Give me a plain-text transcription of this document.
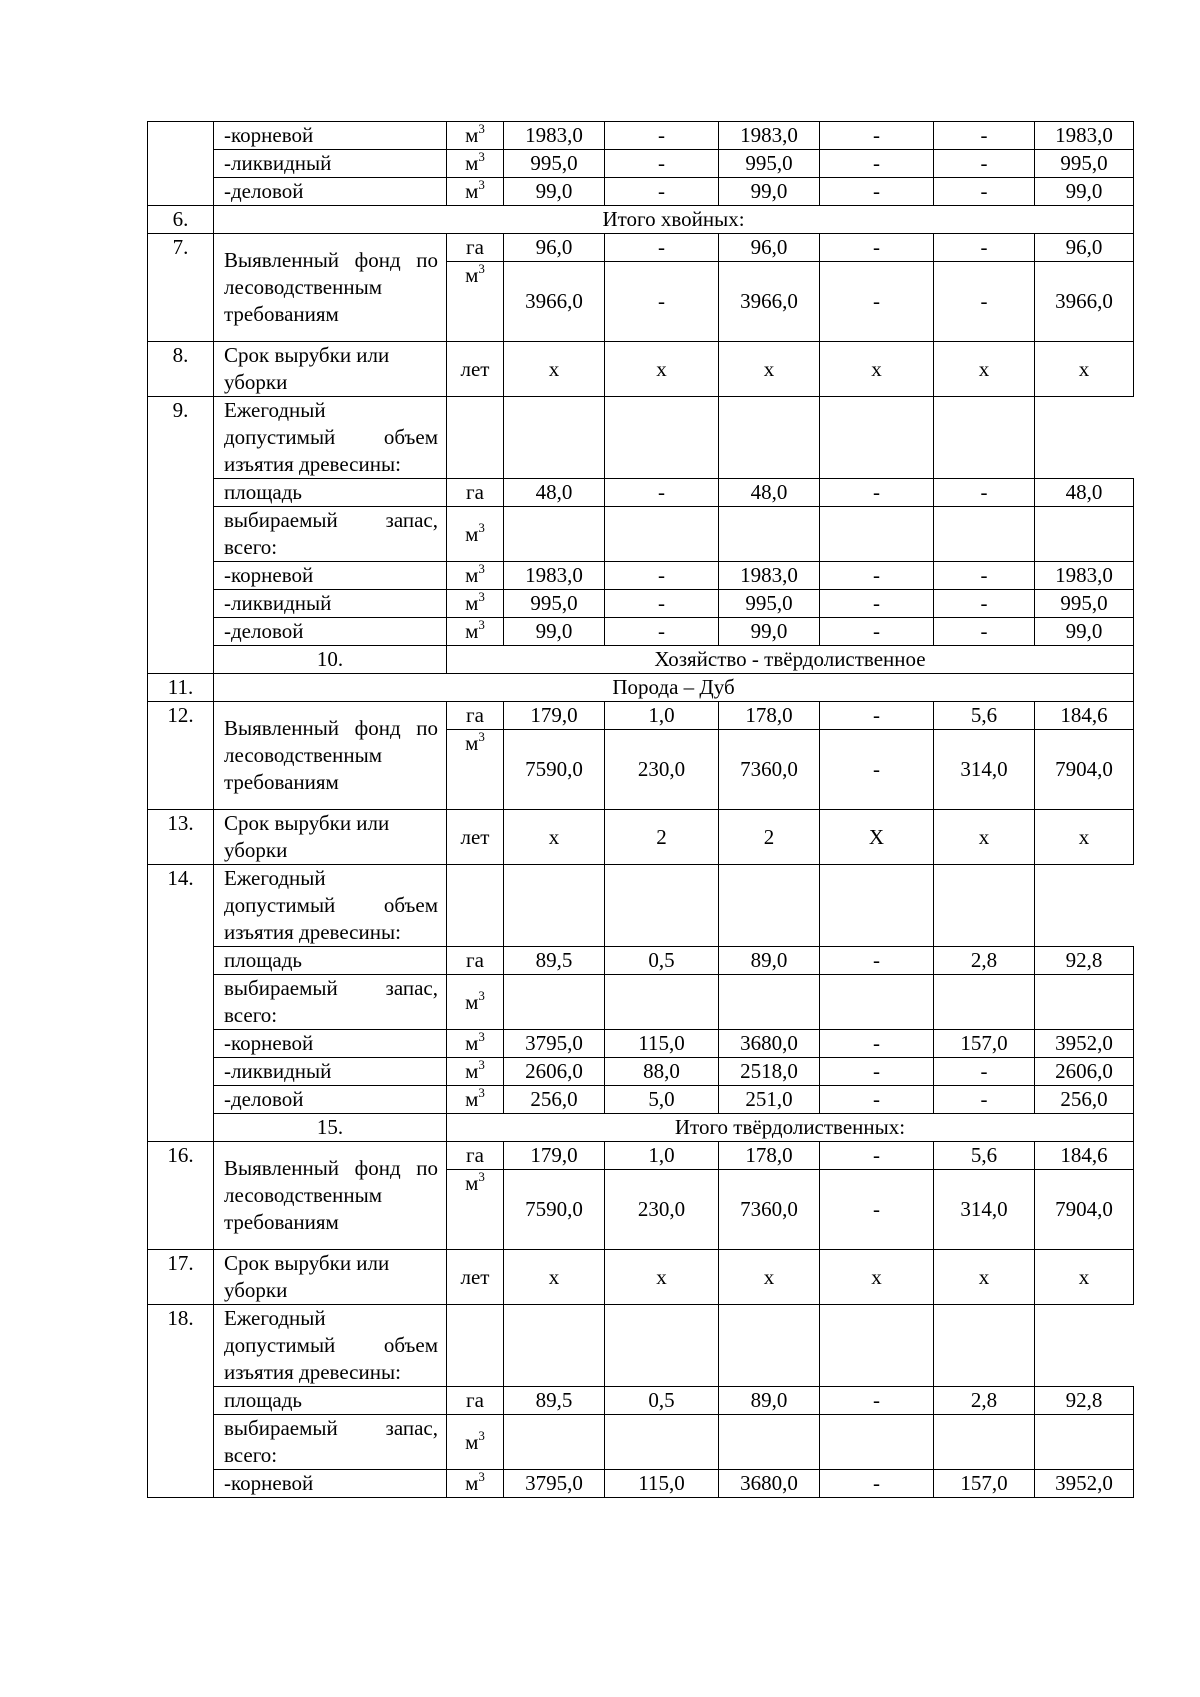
	-корневой	$м^3$	1983,0	-	1983,0	-	-	1983,0
	-ликвидный	$м^3$	995,0	-	995,0	-	-	995,0
	-деловой	$м^3$	99,0	-	99,0	-	-	99,0
6.	Итого хвойных:							
7.	Выявленный фонд по лесоводственным требованиям	га	96,0	-	96,0	-	-	96,0
		$м^3$	3966,0	-	3966,0	-	-	3966,0
8.	Срок вырубки или уборки	лет	х	х	х	х	х	х
9.	Ежегодный допустимый объем изъятия древесины:							
	площадь	га	48,0	-	48,0	-	-	48,0
	выбираемый запас, всего:	$м^3$						
	-корневой	$м^3$	1983,0	-	1983,0	-	-	1983,0
	-ликвидный	$м^3$	995,0	-	995,0	-	-	995,0
	-деловой	$м^3$	99,0	-	99,0	-	-	99,0
	10.	Хозяйство - твёрдолиственное						
11.	Порода – Дуб							
12.	Выявленный фонд по лесоводственным требованиям	га	179,0	1,0	178,0	-	5,6	184,6
		$м^3$	7590,0	230,0	7360,0	-	314,0	7904,0
13.	Срок вырубки или уборки	лет	х	2	2	Х	х	х
14.	Ежегодный допустимый объем изъятия древесины:							
	площадь	га	89,5	0,5	89,0	-	2,8	92,8
	выбираемый запас, всего:	$м^3$						
	-корневой	$м^3$	3795,0	115,0	3680,0	-	157,0	3952,0
	-ликвидный	$м^3$	2606,0	88,0	2518,0	-	-	2606,0
	-деловой	$м^3$	256,0	5,0	251,0	-	-	256,0
	15.	Итого твёрдолиственных:						
16.	Выявленный фонд по лесоводственным требованиям	га	179,0	1,0	178,0	-	5,6	184,6
		$м^3$	7590,0	230,0	7360,0	-	314,0	7904,0
17.	Срок вырубки или уборки	лет	х	х	х	х	х	х
18.	Ежегодный допустимый объем изъятия древесины:							
	площадь	га	89,5	0,5	89,0	-	2,8	92,8
	выбираемый запас, всего:	$м^3$						
	-корневой	$м^3$	3795,0	115,0	3680,0	-	157,0	3952,0
